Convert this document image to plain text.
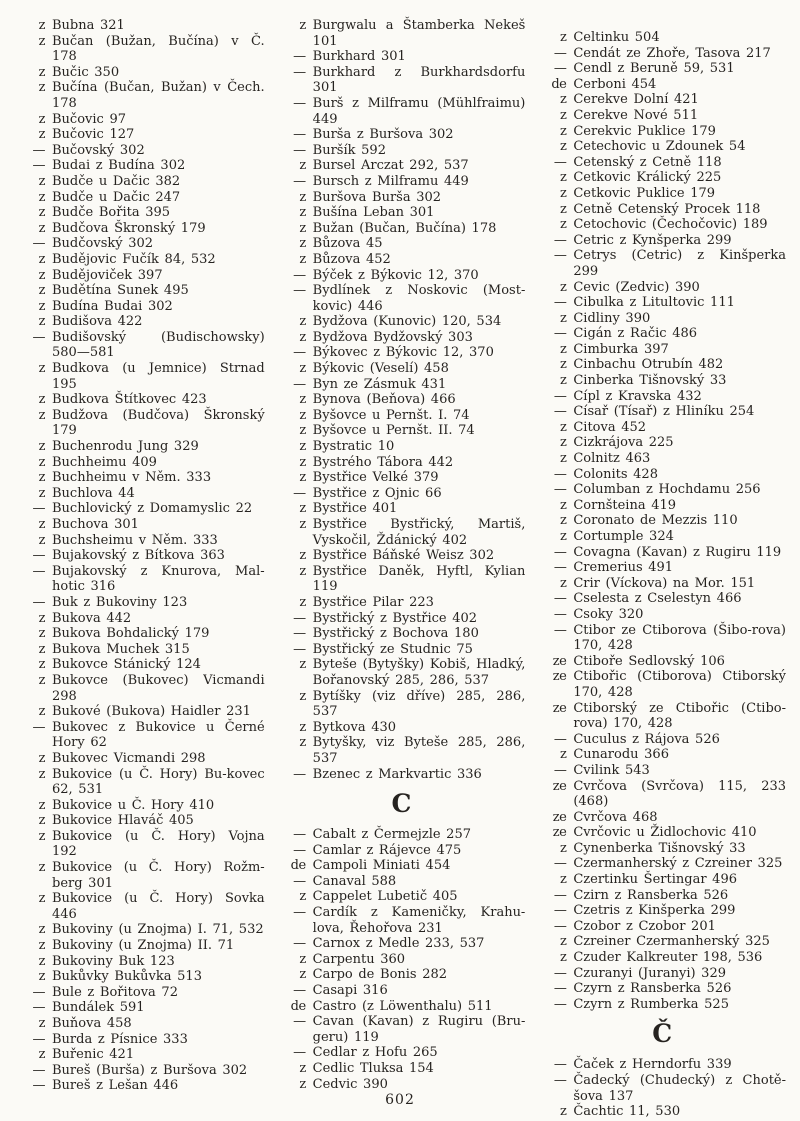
z Bubna 321
z Bučan (Bužan, Bučína) v Č. 178
z Bučic 350
z Bučína (Bučan, Bužan) v Čech. 178
z Bučovic 97
z Bučovic 127
— Bučovský 302
— Budai z Budína 302
z Budče u Dačic 382
z Budče u Dačic 247
z Budče Bořita 395
z Budčova Škronský 179
— Budčovský 302
z Budějovic Fučík 84, 532
z Budějoviček 397
z Budětína Sunek 495
z Budína Budai 302
z Budišova 422
— Budišovský (Budischowsky) 580—581
z Budkova (u Jemnice) Strnad 195
z Budkova Štítkovec 423
z Budžova (Budčova) Škronský 179
z Buchenrodu Jung 329
z Buchheimu 409
z Buchheimu v Něm. 333
z Buchlova 44
— Buchlovický z Domamyslic 22
z Buchova 301
z Buchsheimu v Něm. 333
— Bujakovský z Bítkova 363
— Bujakovský z Knurova, Mal-hotic 316
— Buk z Bukoviny 123
z Bukova 442
z Bukova Bohdalický 179
z Bukova Muchek 315
z Bukovce Stánický 124
z Bukovce (Bukovec) Vicmandi 298
z Bukové (Bukova) Haidler 231
— Bukovec z Bukovice u Černé Hory 62
z Bukovec Vicmandi 298
z Bukovice (u Č. Hory) Bu-kovec 62, 531
z Bukovice u Č. Hory 410
z Bukovice Hlaváč 405
z Bukovice (u Č. Hory) Vojna 192
z Bukovice (u Č. Hory) Rožm-berg 301
z Bukovice (u Č. Hory) Sovka 446
z Bukoviny (u Znojma) I. 71, 532
z Bukoviny (u Znojma) II. 71
z Bukoviny Buk 123
z Bukůvky Bukůvka 513
— Bule z Bořitova 72
— Bundálek 591
z Buňova 458
— Burda z Písnice 333
z Buřenic 421
— Bureš (Burša) z Buršova 302
— Bureš z Lešan 446
z Burgwalu a Štamberka Nekeš 101
— Burkhard 301
— Burkhard z Burkhardsdorfu 301
— Burš z Milframu (Mühlfraimu) 449
— Burša z Buršova 302
— Buršík 592
z Bursel Arczat 292, 537
— Bursch z Milframu 449
z Buršova Burša 302
z Bušína Leban 301
z Bužan (Bučan, Bučína) 178
z Bůzova 45
z Bůzova 452
— Býček z Býkovic 12, 370
— Bydlínek z Noskovic (Most-kovic) 446
z Bydžova (Kunovic) 120, 534
z Bydžova Bydžovský 303
— Býkovec z Býkovic 12, 370
z Býkovic (Veselí) 458
— Byn ze Zásmuk 431
z Bynova (Beňova) 466
z Byšovce u Pernšt. I. 74
z Byšovce u Pernšt. II. 74
z Bystratic 10
z Bystrého Tábora 442
z Bystřice Velké 379
— Bystřice z Ojnic 66
z Bystřice 401
z Bystřice Bystřický, Martiš, Vyskočil, Ždánický 402
z Bystřice Báňské Weisz 302
z Bystřice Daněk, Hyftl, Kylian 119
z Bystřice Pilar 223
— Bystřický z Bystřice 402
— Bystřický z Bochova 180
— Bystřický ze Studnic 75
z Byteše (Bytyšky) Kobiš, Hladký, Bořanovský 285, 286, 537
z Bytíšky (viz dříve) 285, 286, 537
z Bytkova 430
z Bytyšky, viz Byteše 285, 286, 537
— Bzenec z Markvartic 336
C
— Cabalt z Čermejzle 257
— Camlar z Rájevce 475
de Campoli Miniati 454
— Canaval 588
z Cappelet Lubetič 405
— Cardík z Kameničky, Krahu-lova, Řehořova 231
— Carnox z Medle 233, 537
z Carpentu 360
z Carpo de Bonis 282
— Casapi 316
de Castro (z Löwenthalu) 511
— Cavan (Kavan) z Rugiru (Bru-geru) 119
— Cedlar z Hofu 265
z Cedlic Tluksa 154
z Cedvic 390
z Celtinku 504
— Cendát ze Zhoře, Tasova 217
— Cendl z Beruně 59, 531
de Cerboni 454
z Cerekve Dolní 421
z Cerekve Nové 511
z Cerekvic Puklice 179
z Cetechovic u Zdounek 54
— Cetenský z Cetně 118
z Cetkovic Králický 225
z Cetkovic Puklice 179
z Cetně Cetenský Procek 118
z Cetochovic (Čechočovic) 189
— Cetric z Kynšperka 299
— Cetrys (Cetric) z Kinšperka 299
z Cevic (Zedvic) 390
— Cibulka z Litultovic 111
z Cidliny 390
— Cigán z Račic 486
z Cimburka 397
z Cinbachu Otrubín 482
z Cinberka Tišnovský 33
— Cípl z Kravska 432
— Císař (Tísař) z Hliníku 254
z Citova 452
z Cizkrájova 225
z Colnitz 463
— Colonits 428
— Columban z Hochdamu 256
z Cornšteina 419
z Coronato de Mezzis 110
z Cortumple 324
— Covagna (Kavan) z Rugiru 119
— Cremerius 491
z Crir (Víckova) na Mor. 151
— Cselesta z Cselestyn 466
— Csoky 320
— Ctibor ze Ctiborova (Šibo-rova) 170, 428
ze Ctiboře Sedlovský 106
ze Ctibořic (Ctiborova) Ctiborský 170, 428
ze Ctiborský ze Ctibořic (Ctibo-rova) 170, 428
— Cuculus z Rájova 526
z Cunarodu 366
— Cvilink 543
ze Cvrčova (Svrčova) 115, 233 (468)
ze Cvrčova 468
ze Cvrčovic u Židlochovic 410
z Cynenberka Tišnovský 33
— Czermanherský z Czreiner 325
z Czertinku Šertingar 496
— Czirn z Ransberka 526
— Czetris z Kinšperka 299
— Czobor z Czobor 201
z Czreiner Czermanherský 325
z Czuder Kalkreuter 198, 536
— Czuranyi (Juranyi) 329
— Czyrn z Ransberka 526
— Czyrn z Rumberka 525
Č
— Čaček z Herndorfu 339
— Čadecký (Chudecký) z Chotě-šova 137
z Čachtic 11, 530
602
